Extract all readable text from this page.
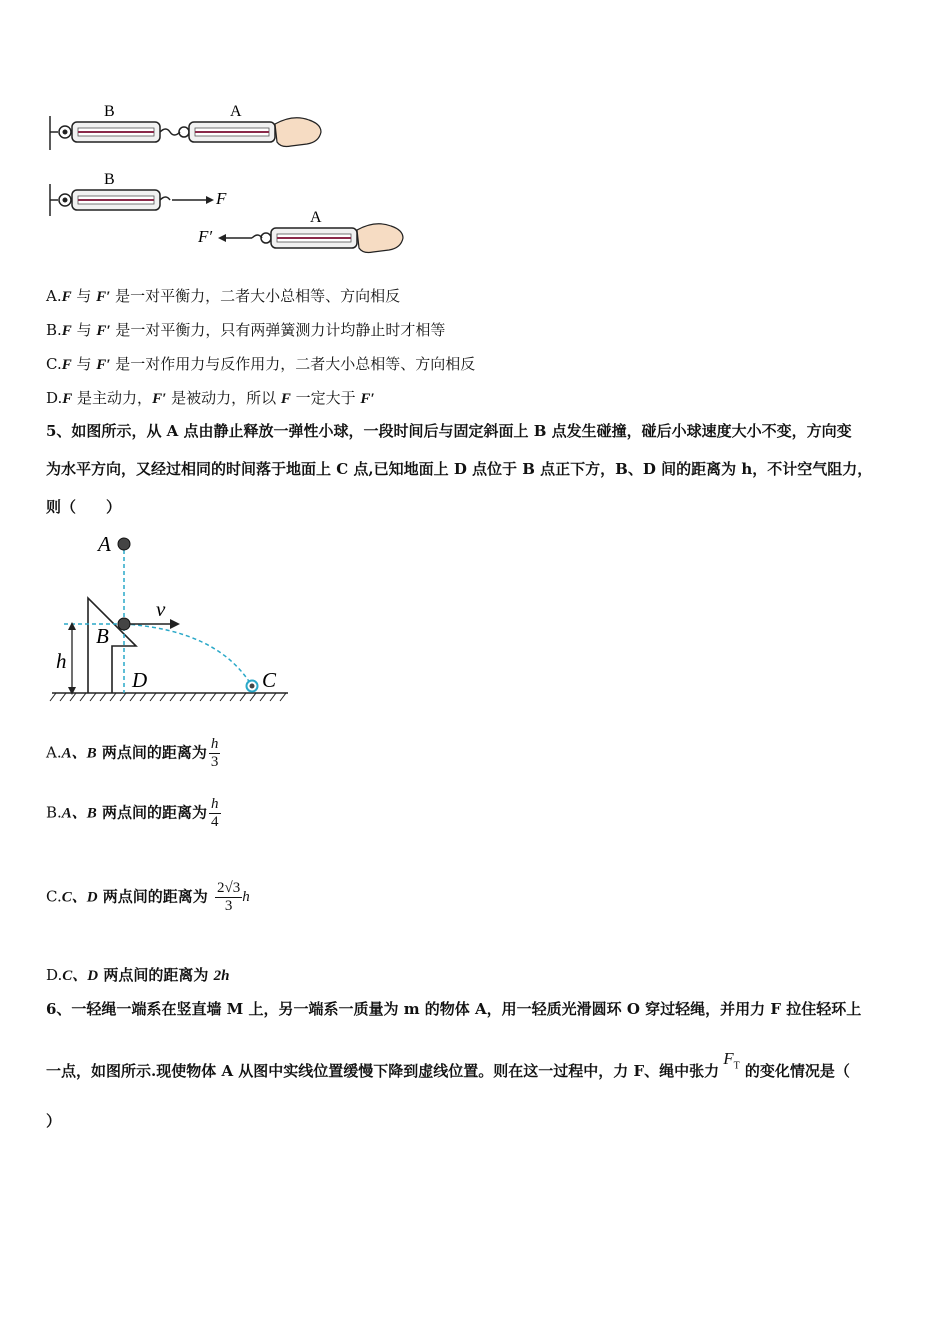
B	A
B
F
F′
A
A.F 与 F′ 是一对平衡力，二者大小总相等、方向相反
B.F 与 F′ 是一对平衡力，只有两弹簧测力计均静止时才相等
C.F 与 F′ 是一对作用力与反作用力，二者大小总相等、方向相反
D.F 是主动力，F′ 是被动力，所以 F 一定大于 F′
5、如图所示，从 A 点由静止释放一弹性小球，一段时间后与固定斜面上 B 点发生碰撞，碰后小球速度大小不变，方向变
为水平方向，又经过相同的时间落于地面上 C 点,已知地面上 D 点位于 B 点正下方，B、D 间的距离为 h，不计空气阻力，
则（　　）
A
B
v
h
D	C
A.A、B 两点间的距离为 $\frac{h}{3}$
B.A、B 两点间的距离为 $\frac{h}{4}$
C.C、D 两点间的距离为 $\frac{2√3}{3}$ h
D.C、D 两点间的距离为 2h
6、一轻绳一端系在竖直墙 M 上，另一端系一质量为 m 的物体 A，用一轻质光滑圆环 O 穿过轻绳，并用力 F 拉住轻环上
一点，如图所示.现使物体 A 从图中实线位置缓慢下降到虚线位置。则在这一过程中，力 F、绳中张力$F_T$ 的变化情况是（
）
